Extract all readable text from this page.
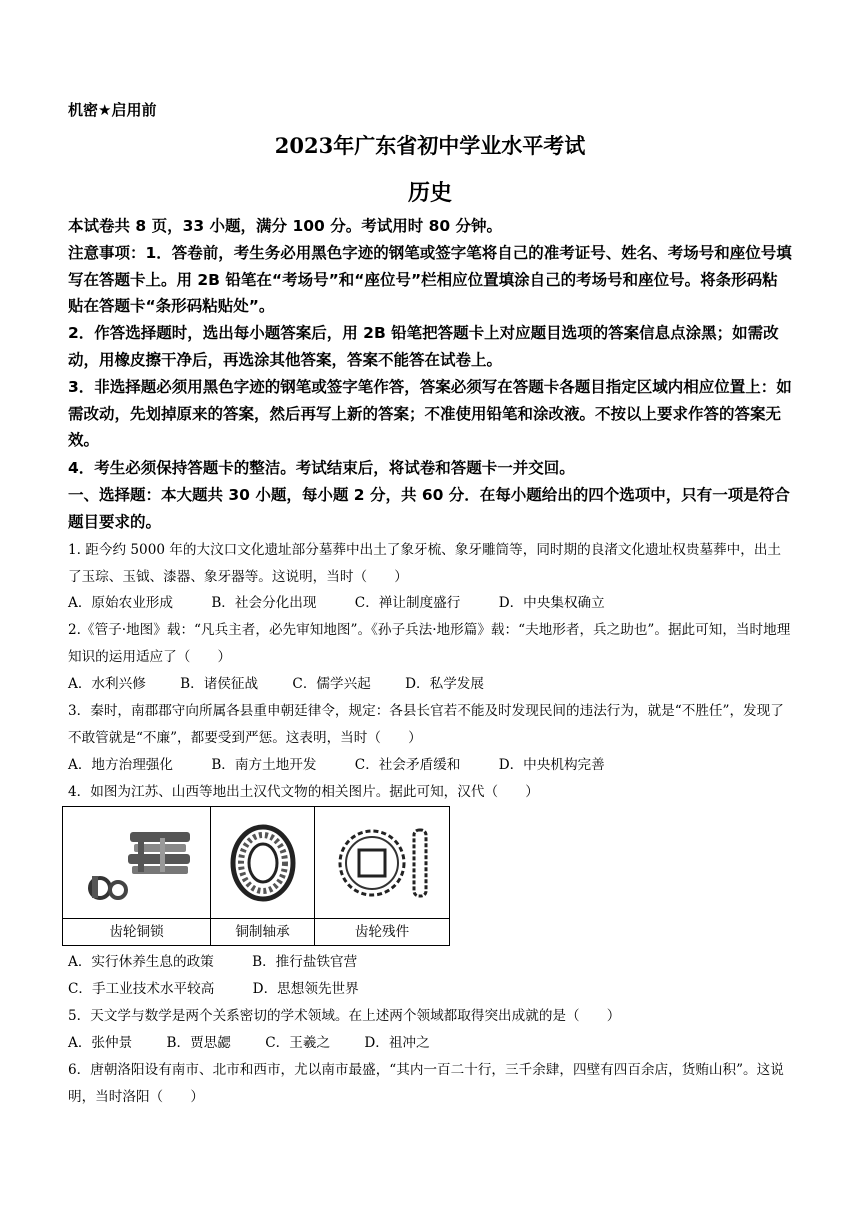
机密★启用前
2023年广东省初中学业水平考试
历史
本试卷共 8 页，33 小题，满分 100 分。考试用时 80 分钟。
注意事项：1．答卷前，考生务必用黑色字迹的钢笔或签字笔将自己的准考证号、姓名、考场号和座位号填写在答题卡上。用 2B 铅笔在“考场号”和“座位号”栏相应位置填涂自己的考场号和座位号。将条形码粘贴在答题卡“条形码粘贴处”。
2．作答选择题时，选出每小题答案后，用 2B 铅笔把答题卡上对应题目选项的答案信息点涂黑；如需改动，用橡皮擦干净后，再选涂其他答案，答案不能答在试卷上。
3．非选择题必须用黑色字迹的钢笔或签字笔作答，答案必须写在答题卡各题目指定区域内相应位置上：如需改动，先划掉原来的答案，然后再写上新的答案；不准使用铅笔和涂改液。不按以上要求作答的答案无效。
4．考生必须保持答题卡的整洁。考试结束后，将试卷和答题卡一并交回。
一、选择题：本大题共 30 小题，每小题 2 分，共 60 分．在每小题给出的四个选项中，只有一项是符合题目要求的。
1. 距今约 5000 年的大汶口文化遗址部分墓葬中出土了象牙梳、象牙雕筒等，同时期的良渚文化遗址权贵墓葬中，出土了玉琮、玉钺、漆器、象牙器等。这说明，当时（　　）
A．原始农业形成	B．社会分化出现	C．禅让制度盛行	D．中央集权确立
2.《管子·地图》载：“凡兵主者，必先审知地图”。《孙子兵法·地形篇》载：“夫地形者，兵之助也”。据此可知，当时地理知识的运用适应了（　　）
A．水利兴修	B．诸侯征战	C．儒学兴起	D．私学发展
3．秦时，南郡郡守向所属各县重申朝廷律令，规定：各县长官若不能及时发现民间的违法行为，就是“不胜任”，发现了不敢管就是“不廉”，都要受到严惩。这表明，当时（　　）
A．地方治理强化	B．南方土地开发	C．社会矛盾缓和	D．中央机构完善
4．如图为江苏、山西等地出土汉代文物的相关图片。据此可知，汉代（　　）
齿轮铜锁	铜制轴承	齿轮残件
A．实行休养生息的政策	B．推行盐铁官营
C．手工业技术水平较高	D．思想领先世界
5．天文学与数学是两个关系密切的学术领域。在上述两个领域都取得突出成就的是（　　）
A．张仲景	B．贾思勰	C．王羲之	D．祖冲之
6．唐朝洛阳设有南市、北市和西市，尤以南市最盛，“其内一百二十行，三千余肆，四壁有四百余店，货贿山积”。这说明，当时洛阳（　　）
